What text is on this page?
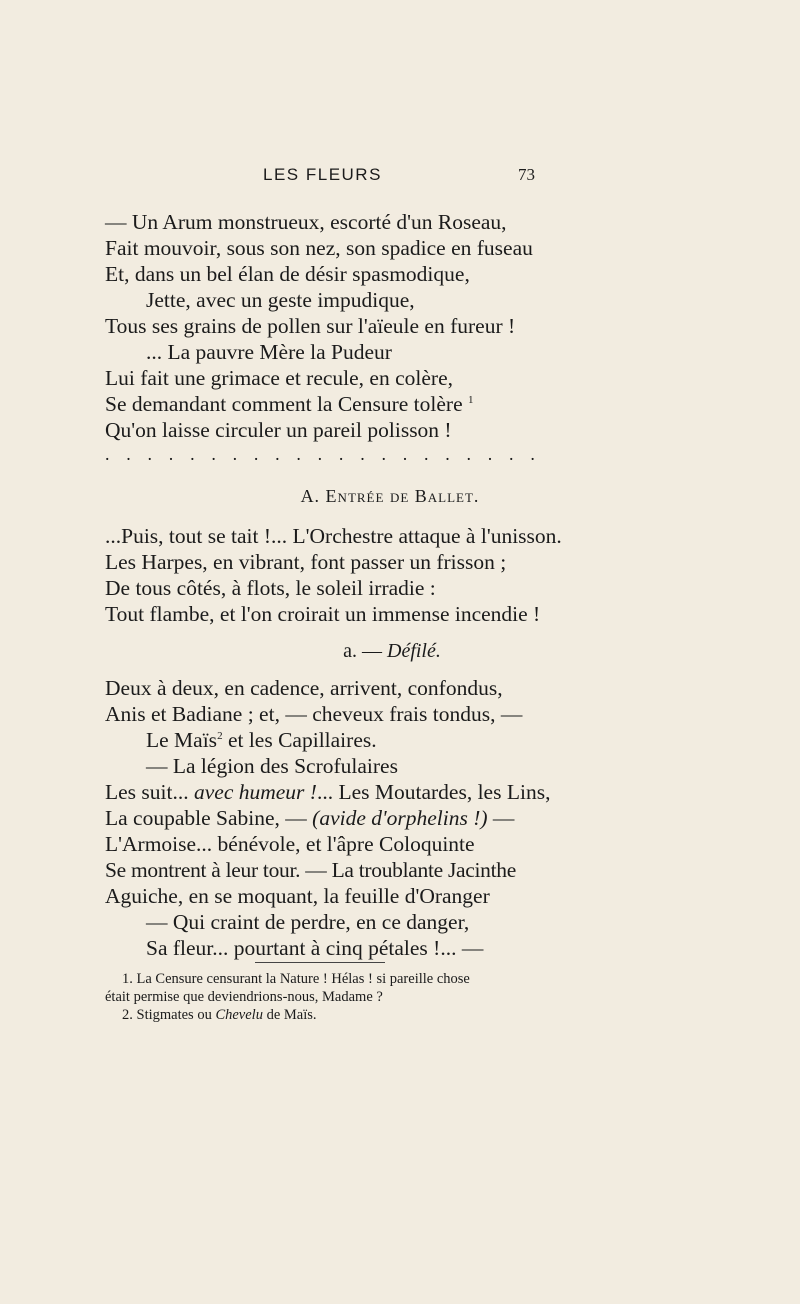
LES FLEURS	73
— Un Arum monstrueux, escorté d'un Roseau,
Fait mouvoir, sous son nez, son spadice en fuseau
Et, dans un bel élan de désir spasmodique,
Jette, avec un geste impudique,
Tous ses grains de pollen sur l'aïeule en fureur !
... La pauvre Mère la Pudeur
Lui fait une grimace et recule, en colère,
Se demandant comment la Censure tolère $^1$
Qu'on laisse circuler un pareil polisson !
. . . . . . . . . . . . . . . . . . . . .
A. Entrée de Ballet.
...Puis, tout se tait !... L'Orchestre attaque à l'unisson.
Les Harpes, en vibrant, font passer un frisson ;
De tous côtés, à flots, le soleil irradie :
Tout flambe, et l'on croirait un immense incendie !
a. — Défilé.
Deux à deux, en cadence, arrivent, confondus,
Anis et Badiane ; et, — cheveux frais tondus, —
Le Maïs$^2$ et les Capillaires.
— La légion des Scrofulaires
Les suit... avec humeur !... Les Moutardes, les Lins,
La coupable Sabine, — (avide d'orphelins !) —
L'Armoise... bénévole, et l'âpre Coloquinte
Se montrent à leur tour. — La troublante Jacinthe
Aguiche, en se moquant, la feuille d'Oranger
— Qui craint de perdre, en ce danger,
Sa fleur... pourtant à cinq pétales !... —
1. La Censure censurant la Nature ! Hélas ! si pareille chose
était permise que deviendrions-nous, Madame ?
2. Stigmates ou Chevelu de Maïs.
